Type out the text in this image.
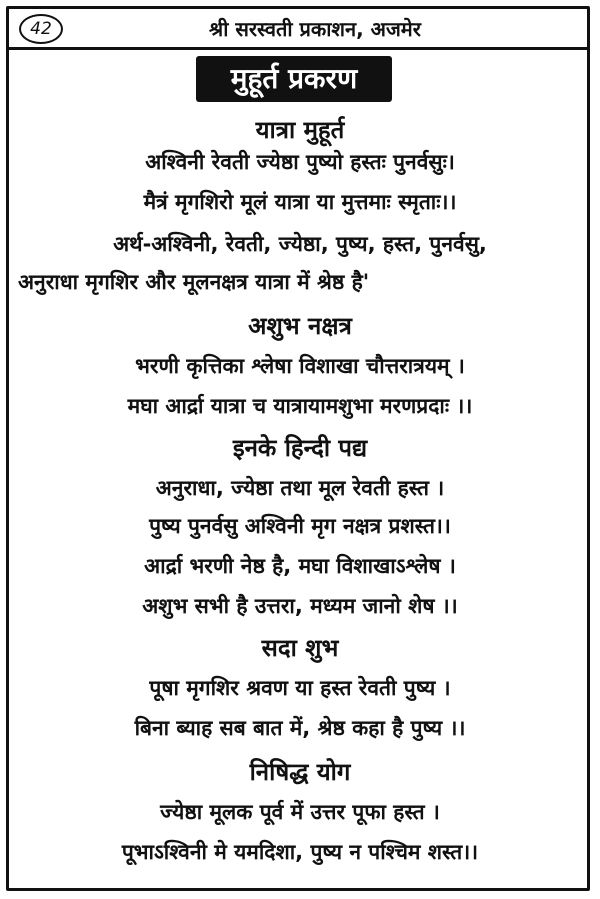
42	श्री सरस्वती प्रकाशन, अजमेर
मुहूर्त प्रकरण
यात्रा मुहूर्त
अश्विनी रेवती ज्येष्ठा पुष्यो हस्तः पुनर्वसुः।
मैत्रं मृगशिरो मूलं यात्रा या मुत्तमाः स्मृताः।।
अर्थ-अश्विनी, रेवती, ज्येष्ठा, पुष्य, हस्त, पुनर्वसु,
अनुराधा मृगशिर और मूलनक्षत्र यात्रा में श्रेष्ठ है'
अशुभ नक्षत्र
भरणी कृत्तिका श्लेषा विशाखा चौत्तरात्रयम् ।
मघा आर्द्रा यात्रा च यात्रायामशुभा मरणप्रदाः ।।
इनके हिन्दी पद्य
अनुराधा, ज्येष्ठा तथा मूल रेवती हस्त ।
पुष्य पुनर्वसु अश्विनी मृग नक्षत्र प्रशस्त।।
आर्द्रा भरणी नेष्ठ है, मघा विशाखाऽश्लेष ।
अशुभ सभी है उत्तरा, मध्यम जानो शेष ।।
सदा शुभ
पूषा मृगशिर श्रवण या हस्त रेवती पुष्य ।
बिना ब्याह सब बात में, श्रेष्ठ कहा है पुष्य ।।
निषिद्ध योग
ज्येष्ठा मूलक पूर्व में उत्तर पूफा हस्त ।
पूभाऽश्विनी मे यमदिशा, पुष्य न पश्चिम शस्त।।
